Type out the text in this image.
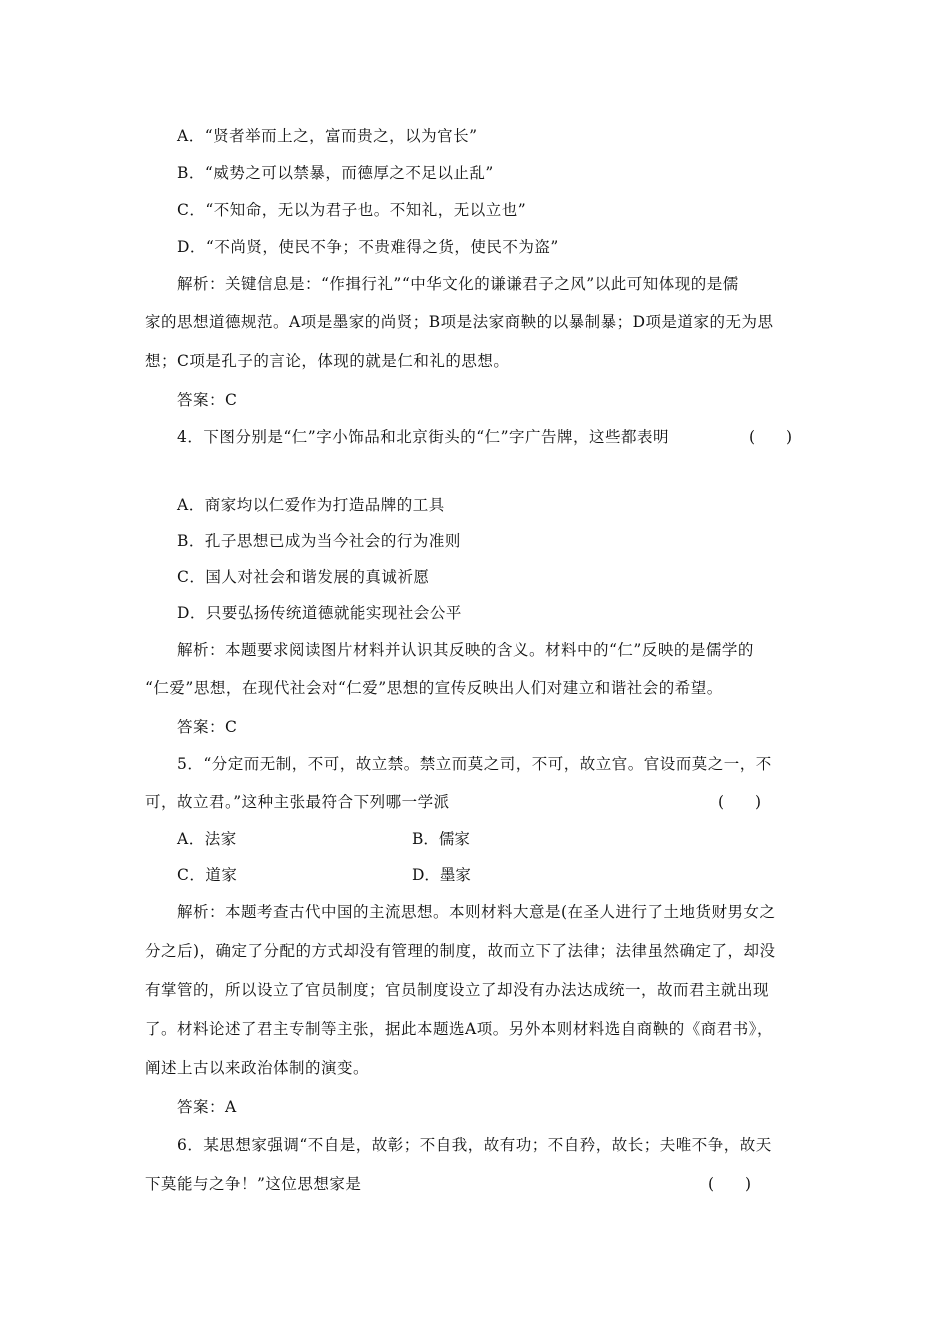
A．“贤者举而上之，富而贵之，以为官长”
B．“威势之可以禁暴，而德厚之不足以止乱”
C．“不知命，无以为君子也。不知礼，无以立也”
D．“不尚贤，使民不争；不贵难得之货，使民不为盗”
解析：关键信息是：“作揖行礼”“中华文化的谦谦君子之风”以此可知体现的是儒
家的思想道德规范。A项是墨家的尚贤；B项是法家商鞅的以暴制暴；D项是道家的无为思
想；C项是孔子的言论，体现的就是仁和礼的思想。
答案：C
4．下图分别是“仁”字小饰品和北京街头的“仁”字广告牌，这些都表明	(　　)
A．商家均以仁爱作为打造品牌的工具
B．孔子思想已成为当今社会的行为准则
C．国人对社会和谐发展的真诚祈愿
D．只要弘扬传统道德就能实现社会公平
解析：本题要求阅读图片材料并认识其反映的含义。材料中的“仁”反映的是儒学的
“仁爱”思想，在现代社会对“仁爱”思想的宣传反映出人们对建立和谐社会的希望。
答案：C
5．“分定而无制，不可，故立禁。禁立而莫之司，不可，故立官。官设而莫之一，不
可，故立君。”这种主张最符合下列哪一学派	(　　)
A．法家	B．儒家
C．道家	D．墨家
解析：本题考查古代中国的主流思想。本则材料大意是(在圣人进行了土地货财男女之
分之后)，确定了分配的方式却没有管理的制度，故而立下了法律；法律虽然确定了，却没
有掌管的，所以设立了官员制度；官员制度设立了却没有办法达成统一，故而君主就出现
了。材料论述了君主专制等主张，据此本题选A项。另外本则材料选自商鞅的《商君书》，
阐述上古以来政治体制的演变。
答案：A
6．某思想家强调“不自是，故彰；不自我，故有功；不自矜，故长；夫唯不争，故天
下莫能与之争！”这位思想家是	(　　)
